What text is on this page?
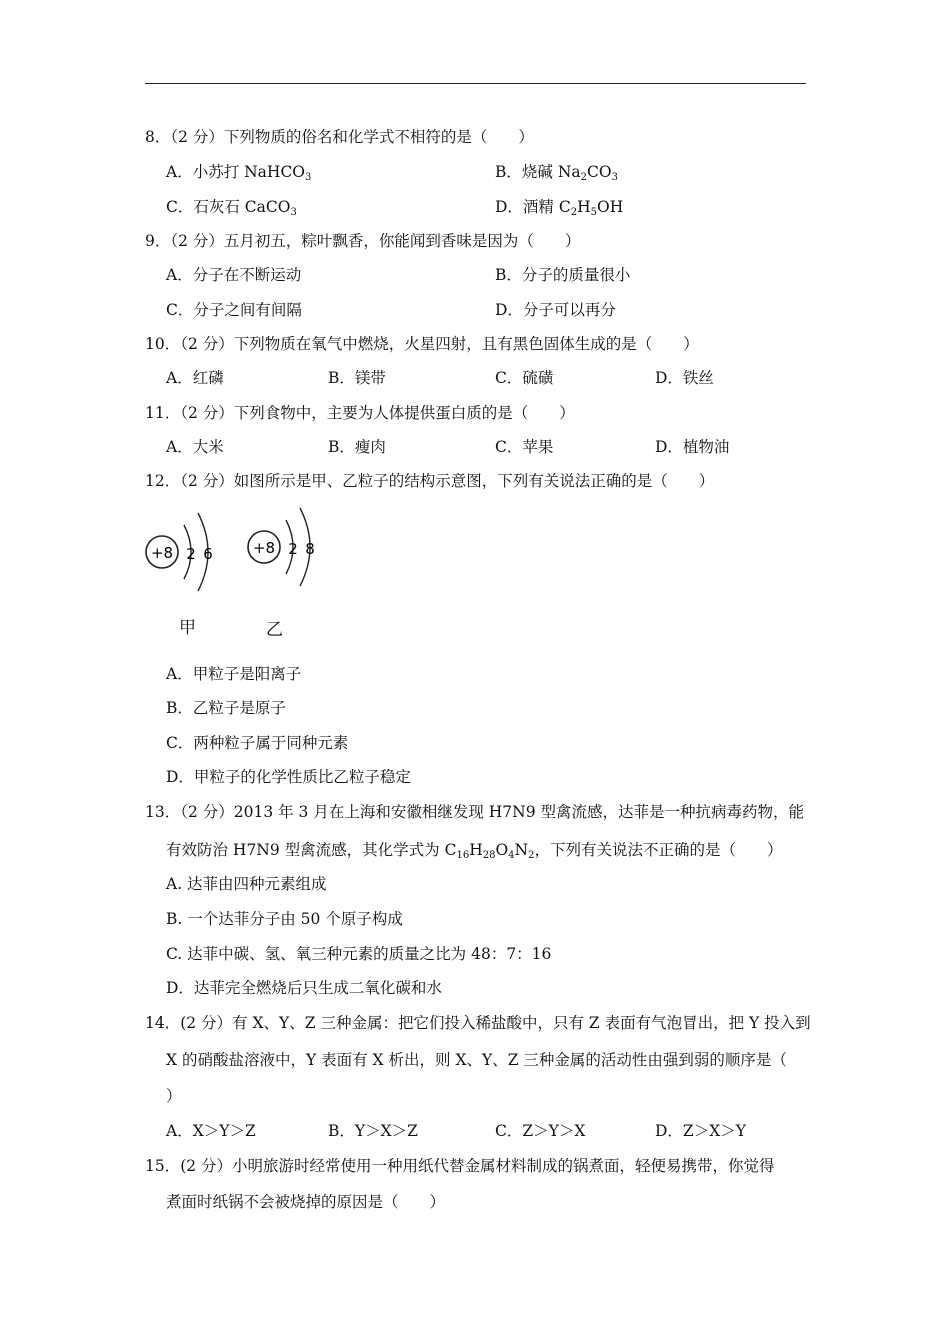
8．（2 分）下列物质的俗名和化学式不相符的是（　　）
A．小苏打 NaHCO$_3$	B．烧碱 $Na_2CO_3$
C．石灰石 CaCO$_3$	D．酒精 $C_2H_5OH$
9．（2 分）五月初五，粽叶飘香，你能闻到香味是因为（　　）
A．分子在不断运动	B．分子的质量很小
C．分子之间有间隔	D．分子可以再分
10．（2 分）下列物质在氧气中燃烧，火星四射，且有黑色固体生成的是（　　）
A．红磷	B．镁带	C．硫磺	D．铁丝
11．（2 分）下列食物中，主要为人体提供蛋白质的是（　　）
A．大米	B．瘦肉	C．苹果	D．植物油
12．（2 分）如图所示是甲、乙粒子的结构示意图，下列有关说法正确的是（　　）
+8 2 6	+8 2 8
甲	乙
A．甲粒子是阳离子
B．乙粒子是原子
C．两种粒子属于同种元素
D．甲粒子的化学性质比乙粒子稳定
13．（2 分）2013 年 3 月在上海和安徽相继发现 H7N9 型禽流感，达菲是一种抗病毒药物，能
有效防治 H7N9 型禽流感，其化学式为 $C_{16}H_{28}O_4N_2$，下列有关说法不正确的是（　　）
A. 达菲由四种元素组成
B. 一个达菲分子由 50 个原子构成
C. 达菲中碳、氢、氧三种元素的质量之比为 48：7：16
D．达菲完全燃烧后只生成二氧化碳和水
14．(2 分）有 X、Y、Z 三种金属：把它们投入稀盐酸中，只有 Z 表面有气泡冒出，把 Y 投入到
X 的硝酸盐溶液中，Y 表面有 X 析出，则 X、Y、Z 三种金属的活动性由强到弱的顺序是（
）
A．X＞Y＞Z	B．Y＞X＞Z	C．Z＞Y＞X	D．Z＞X＞Y
15．(2 分）小明旅游时经常使用一种用纸代替金属材料制成的锅煮面，轻便易携带，你觉得
煮面时纸锅不会被烧掉的原因是（　　）
